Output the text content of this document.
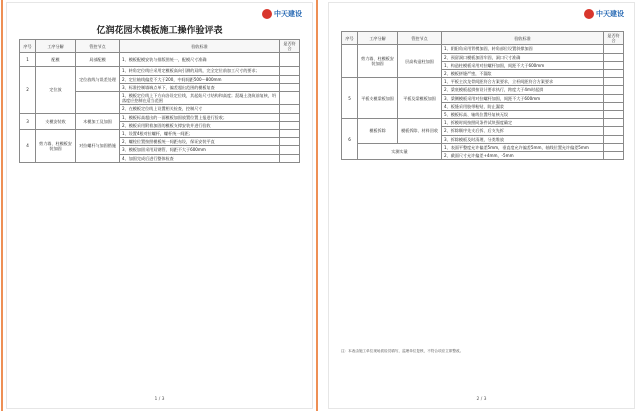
中天建设
亿润花园木模板施工操作验评表
序号	工序分解	管控节点	验收标准	是否符合
1	配模	局部配模	1、模板配模安装与排版图统一，配模尺寸准确	
2	定位放	定位放线与误差处理	1、转角定位线应采用定模板高向引测的双线，完全定位前加工尺寸的要求；	
			2、定位轴线偏差不大于200，中间间距500～800mm	
			3、标准控制墙端点单下，偏差超出范围的模板复查	
			1、模板定位线上下方向各设定位线，其起始尺寸结构和高度；混凝土浇筑前复核，坍落度应控制在适当范围	
			2、在模板定位线上设置相关检查，控制尺寸	
3	支模安装收	木模加工及加固	1、模板标高超出的一面模板加固放置位置上报进行验收；	
			2、模板采用附着加固的模板支撑安装并进行验收	
4	剪力墙、柱模板安装加固	对拉螺杆与加固措施	1、设置4根对拉螺杆，螺杆统一间距；	
			2、螺栓位置按照模板统一间距布设，保证安装平直	
			3、模板加固采用双钢管，间距不大于600mm	
			4、加固完成后进行整体检查	
1 / 3
中天建设
序号	工序分解	管控节点	验收标准	是否符合
	剪力墙、柱模板安装加固	层高构造柱加固	1、阴阳角采用背楞加固，转角部位设置斜撑加固	
			2、预留洞口模板加固牢固，洞口尺寸准确	
			1、构造柱模板采用对拉螺杆加固，间距不大于600mm	
			2、模板拼缝严密，不漏浆	
5	平板支模梁板加固	平板及梁模板加固	1、平板主次龙骨间距符合方案要求，立杆间距符合方案要求	
			2、梁底模板起拱按设计要求执行，跨度大于4m时起拱	
			3、梁侧模板采用对拉螺杆加固，间距不大于600mm	
			4、板缝采用胶带粘贴，防止漏浆	
			5、模板标高、轴线位置经复核无误	
6	模板拆除	模板拆除、材料回收	1、拆模时间按照同条件试块强度确定	
			2、拆除顺序先支后拆、后支先拆	
			3、拆除模板及时清理，分类堆放	
	实测实量		1、表面平整度允许偏差5mm，垂直度允许偏差5mm，轴线位置允许偏差5mm	
			2、截面尺寸允许偏差+4mm，-5mm	
注：本表由施工单位现场质检员填写，监理单位复核，不符合项应立即整改。
2 / 3
